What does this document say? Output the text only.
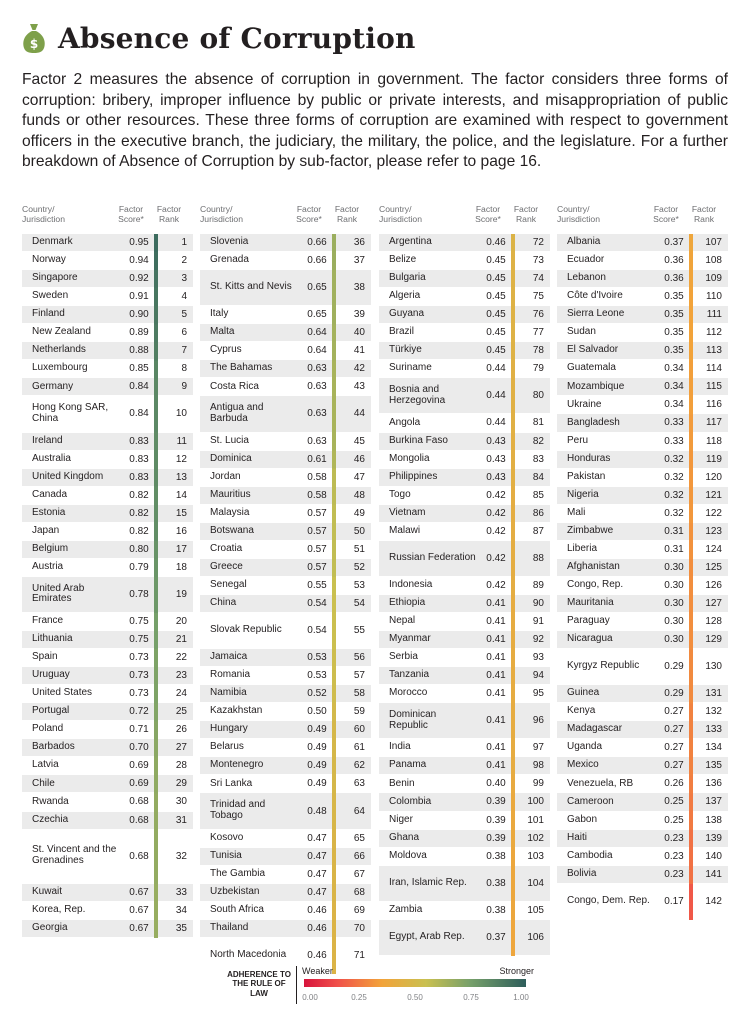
$ Absence of Corruption

Factor 2 measures the absence of corruption in government. The factor considers three forms of corruption: bribery, improper influence by public or private interests, and misappropriation of public funds or other resources. These three forms of corruption are examined with respect to government officers in the executive branch, the judiciary, the military, the police, and the legislature. For a further breakdown of Absence of Corruption by sub-factor, please refer to page 16.

Country/
Jurisdiction
Factor
Score*
Factor
Rank
Denmark	0.95	1
Norway	0.94	2
Singapore	0.92	3
Sweden	0.91	4
Finland	0.90	5
New Zealand	0.89	6
Netherlands	0.88	7
Luxembourg	0.85	8
Germany	0.84	9
Hong Kong SAR, China	0.84	10
Ireland	0.83	11
Australia	0.83	12
United Kingdom	0.83	13
Canada	0.82	14
Estonia	0.82	15
Japan	0.82	16
Belgium	0.80	17
Austria	0.79	18
United Arab Emirates	0.78	19
France	0.75	20
Lithuania	0.75	21
Spain	0.73	22
Uruguay	0.73	23
United States	0.73	24
Portugal	0.72	25
Poland	0.71	26
Barbados	0.70	27
Latvia	0.69	28
Chile	0.69	29
Rwanda	0.68	30
Czechia	0.68	31
St. Vincent and the Grenadines	0.68	32
Kuwait	0.67	33
Korea, Rep.	0.67	34
Georgia	0.67	35
Country/
Jurisdiction
Factor
Score*
Factor
Rank
Slovenia	0.66	36
Grenada	0.66	37
St. Kitts and Nevis	0.65	38
Italy	0.65	39
Malta	0.64	40
Cyprus	0.64	41
The Bahamas	0.63	42
Costa Rica	0.63	43
Antigua and Barbuda	0.63	44
St. Lucia	0.63	45
Dominica	0.61	46
Jordan	0.58	47
Mauritius	0.58	48
Malaysia	0.57	49
Botswana	0.57	50
Croatia	0.57	51
Greece	0.57	52
Senegal	0.55	53
China	0.54	54
Slovak Republic	0.54	55
Jamaica	0.53	56
Romania	0.53	57
Namibia	0.52	58
Kazakhstan	0.50	59
Hungary	0.49	60
Belarus	0.49	61
Montenegro	0.49	62
Sri Lanka	0.49	63
Trinidad and Tobago	0.48	64
Kosovo	0.47	65
Tunisia	0.47	66
The Gambia	0.47	67
Uzbekistan	0.47	68
South Africa	0.46	69
Thailand	0.46	70
North Macedonia	0.46	71
Country/
Jurisdiction
Factor
Score*
Factor
Rank
Argentina	0.46	72
Belize	0.45	73
Bulgaria	0.45	74
Algeria	0.45	75
Guyana	0.45	76
Brazil	0.45	77
Türkiye	0.45	78
Suriname	0.44	79
Bosnia and Herzegovina	0.44	80
Angola	0.44	81
Burkina Faso	0.43	82
Mongolia	0.43	83
Philippines	0.43	84
Togo	0.42	85
Vietnam	0.42	86
Malawi	0.42	87
Russian Federation	0.42	88
Indonesia	0.42	89
Ethiopia	0.41	90
Nepal	0.41	91
Myanmar	0.41	92
Serbia	0.41	93
Tanzania	0.41	94
Morocco	0.41	95
Dominican Republic	0.41	96
India	0.41	97
Panama	0.41	98
Benin	0.40	99
Colombia	0.39	100
Niger	0.39	101
Ghana	0.39	102
Moldova	0.38	103
Iran, Islamic Rep.	0.38	104
Zambia	0.38	105
Egypt, Arab Rep.	0.37	106
Country/
Jurisdiction
Factor
Score*
Factor
Rank
Albania	0.37	107
Ecuador	0.36	108
Lebanon	0.36	109
Côte d'Ivoire	0.35	110
Sierra Leone	0.35	111
Sudan	0.35	112
El Salvador	0.35	113
Guatemala	0.34	114
Mozambique	0.34	115
Ukraine	0.34	116
Bangladesh	0.33	117
Peru	0.33	118
Honduras	0.32	119
Pakistan	0.32	120
Nigeria	0.32	121
Mali	0.32	122
Zimbabwe	0.31	123
Liberia	0.31	124
Afghanistan	0.30	125
Congo, Rep.	0.30	126
Mauritania	0.30	127
Paraguay	0.30	128
Nicaragua	0.30	129
Kyrgyz Republic	0.29	130
Guinea	0.29	131
Kenya	0.27	132
Madagascar	0.27	133
Uganda	0.27	134
Mexico	0.27	135
Venezuela, RB	0.26	136
Cameroon	0.25	137
Gabon	0.25	138
Haiti	0.23	139
Cambodia	0.23	140
Bolivia	0.23	141
Congo, Dem. Rep.	0.17	142
ADHERENCE TO THE RULE OF LAW
Weaker	Stronger
0.00	0.25	0.50	0.75	1.00
